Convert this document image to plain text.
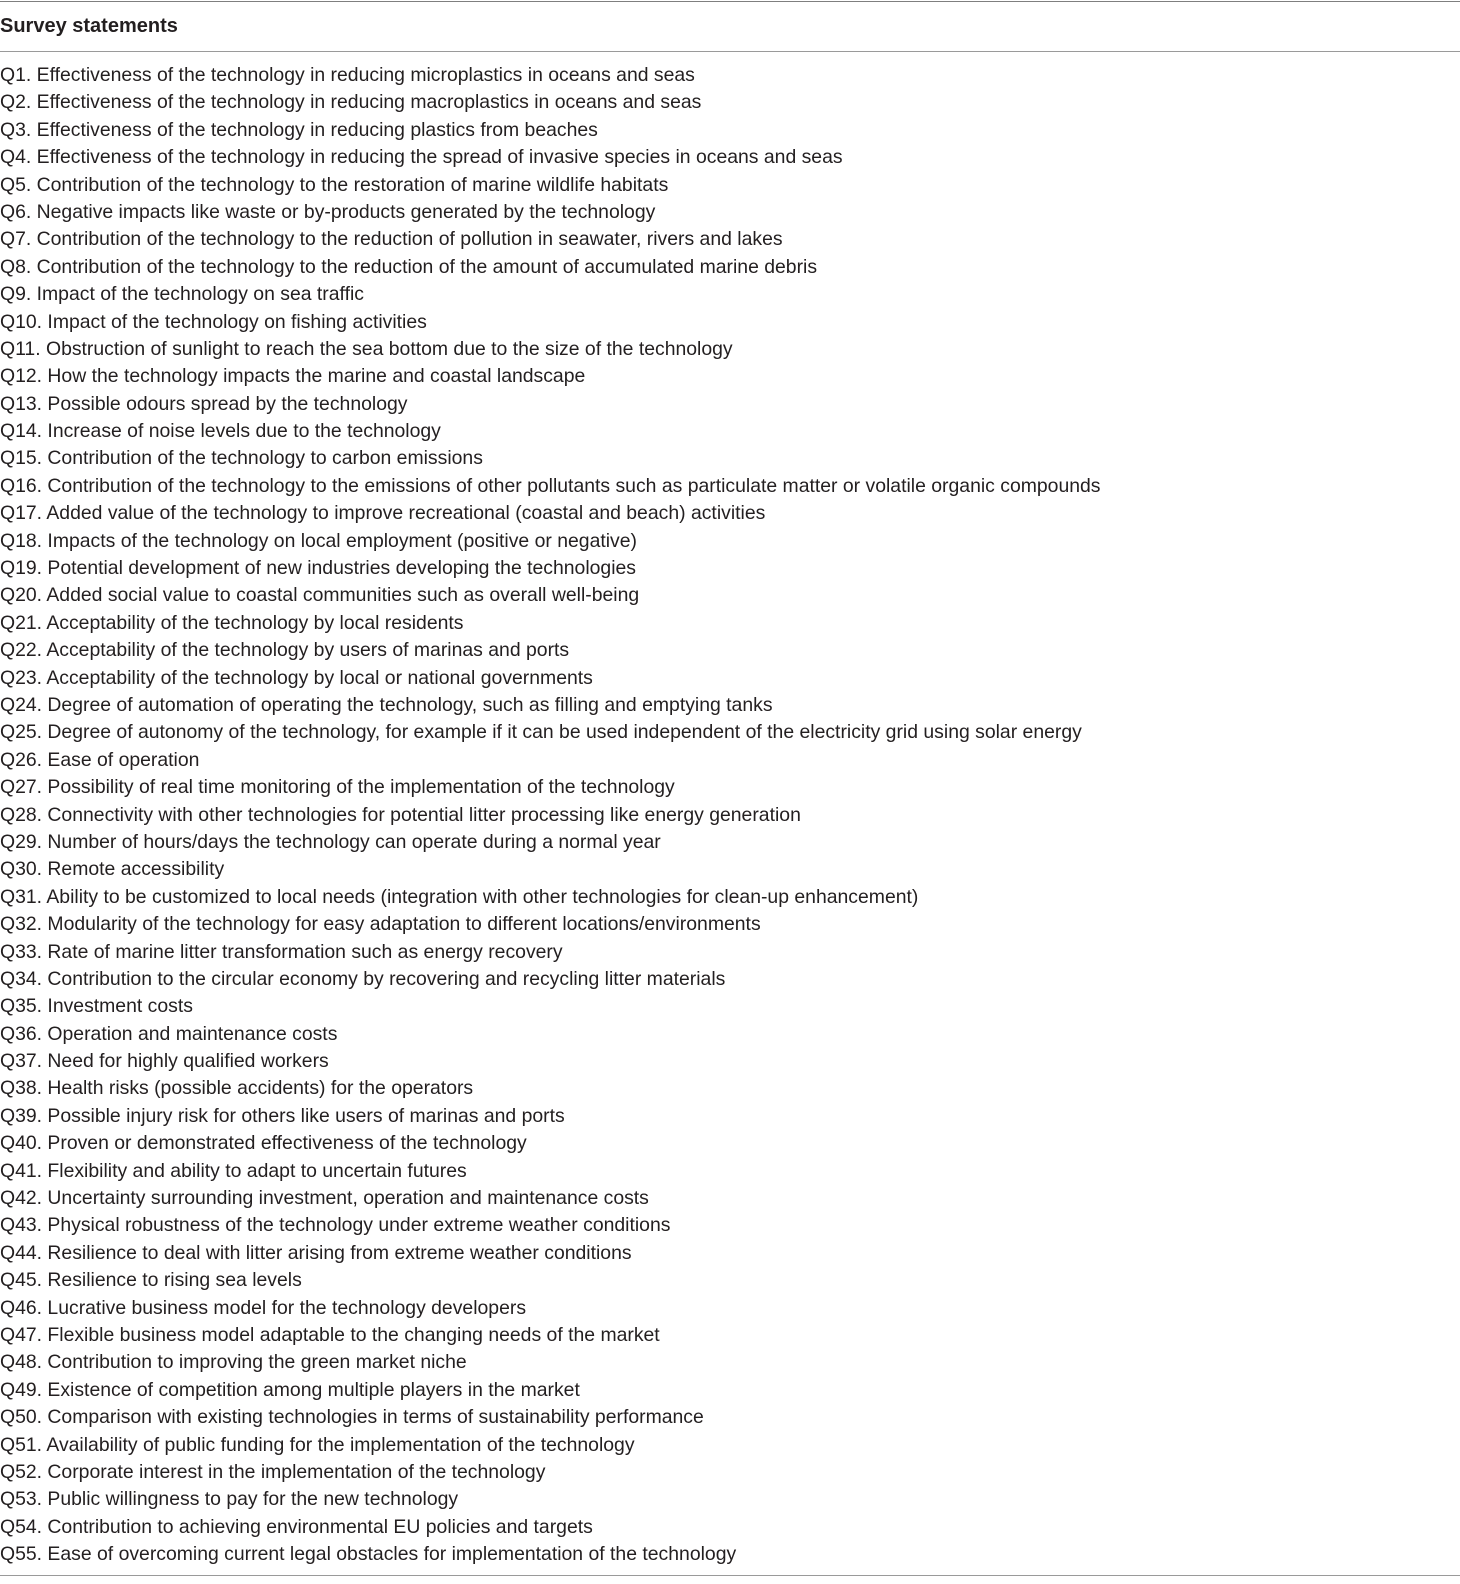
Survey statements
Q1. Effectiveness of the technology in reducing microplastics in oceans and seas
Q2. Effectiveness of the technology in reducing macroplastics in oceans and seas
Q3. Effectiveness of the technology in reducing plastics from beaches
Q4. Effectiveness of the technology in reducing the spread of invasive species in oceans and seas
Q5. Contribution of the technology to the restoration of marine wildlife habitats
Q6. Negative impacts like waste or by-products generated by the technology
Q7. Contribution of the technology to the reduction of pollution in seawater, rivers and lakes
Q8. Contribution of the technology to the reduction of the amount of accumulated marine debris
Q9. Impact of the technology on sea traffic
Q10. Impact of the technology on fishing activities
Q11. Obstruction of sunlight to reach the sea bottom due to the size of the technology
Q12. How the technology impacts the marine and coastal landscape
Q13. Possible odours spread by the technology
Q14. Increase of noise levels due to the technology
Q15. Contribution of the technology to carbon emissions
Q16. Contribution of the technology to the emissions of other pollutants such as particulate matter or volatile organic compounds
Q17. Added value of the technology to improve recreational (coastal and beach) activities
Q18. Impacts of the technology on local employment (positive or negative)
Q19. Potential development of new industries developing the technologies
Q20. Added social value to coastal communities such as overall well-being
Q21. Acceptability of the technology by local residents
Q22. Acceptability of the technology by users of marinas and ports
Q23. Acceptability of the technology by local or national governments
Q24. Degree of automation of operating the technology, such as filling and emptying tanks
Q25. Degree of autonomy of the technology, for example if it can be used independent of the electricity grid using solar energy
Q26. Ease of operation
Q27. Possibility of real time monitoring of the implementation of the technology
Q28. Connectivity with other technologies for potential litter processing like energy generation
Q29. Number of hours/days the technology can operate during a normal year
Q30. Remote accessibility
Q31. Ability to be customized to local needs (integration with other technologies for clean-up enhancement)
Q32. Modularity of the technology for easy adaptation to different locations/environments
Q33. Rate of marine litter transformation such as energy recovery
Q34. Contribution to the circular economy by recovering and recycling litter materials
Q35. Investment costs
Q36. Operation and maintenance costs
Q37. Need for highly qualified workers
Q38. Health risks (possible accidents) for the operators
Q39. Possible injury risk for others like users of marinas and ports
Q40. Proven or demonstrated effectiveness of the technology
Q41. Flexibility and ability to adapt to uncertain futures
Q42. Uncertainty surrounding investment, operation and maintenance costs
Q43. Physical robustness of the technology under extreme weather conditions
Q44. Resilience to deal with litter arising from extreme weather conditions
Q45. Resilience to rising sea levels
Q46. Lucrative business model for the technology developers
Q47. Flexible business model adaptable to the changing needs of the market
Q48. Contribution to improving the green market niche
Q49. Existence of competition among multiple players in the market
Q50. Comparison with existing technologies in terms of sustainability performance
Q51. Availability of public funding for the implementation of the technology
Q52. Corporate interest in the implementation of the technology
Q53. Public willingness to pay for the new technology
Q54. Contribution to achieving environmental EU policies and targets
Q55. Ease of overcoming current legal obstacles for implementation of the technology
